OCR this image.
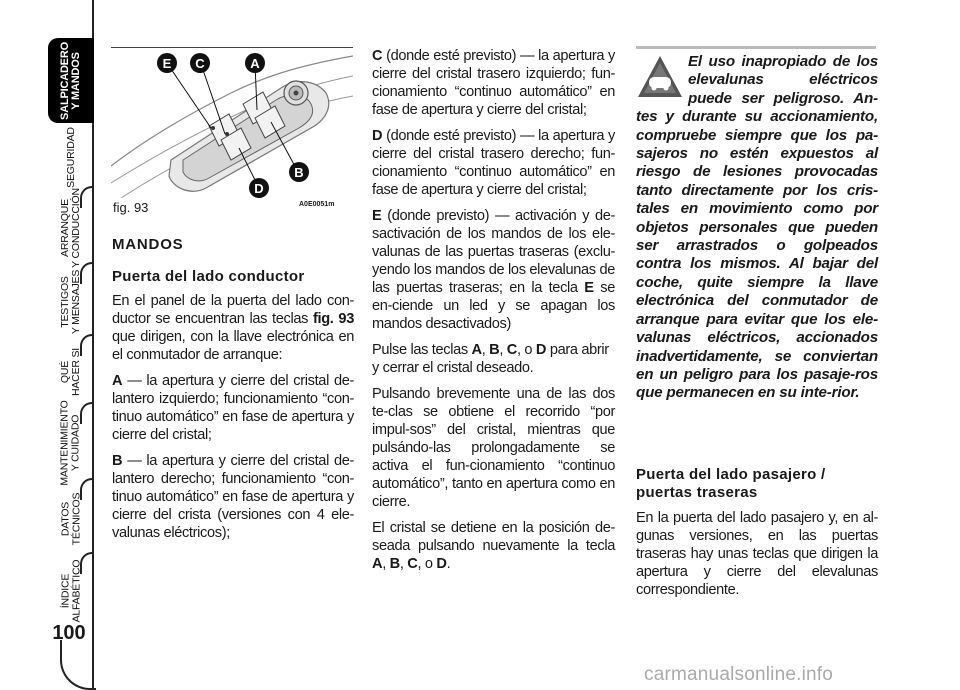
SALPICADERO
Y MANDOS
SEGURIDAD
ARRANQUE
Y CONDUCCIÓN
TESTIGOS
Y MENSAJES
QUÉ
HACER SI
MANTENIMIENTO
Y CUIDADO
DATOS
TÉCNICOS
ÍNDICE
ALFABÉTICO
100
E C	A
B
D
fig. 93	A0E0051m

MANDOS

Puerta del lado conductor

En el panel de la puerta del lado con-ductor se encuentran las teclas fig. 93 que dirigen, con la llave electrónica en el conmutador de arranque:

A — la apertura y cierre del cristal de-lantero izquierdo; funcionamiento “con-tinuo automático” en fase de apertura y cierre del cristal;

B — la apertura y cierre del cristal de-lantero derecho; funcionamiento “con-tinuo automático” en fase de apertura y cierre del crista (versiones con 4 ele-valunas eléctricos);

C (donde esté previsto) — la apertura y cierre del cristal trasero izquierdo; fun-cionamiento “continuo automático” en fase de apertura y cierre del cristal;

D (donde esté previsto) — la apertura y cierre del cristal trasero derecho; fun-cionamiento “continuo automático” en fase de apertura y cierre del cristal;

E (donde previsto) — activación y de-sactivación de los mandos de los ele-valunas de las puertas traseras (exclu-yendo los mandos de los elevalunas de las puertas traseras; en la tecla E se en-ciende un led y se apagan los mandos desactivados)

Pulse las teclas A, B, C, o D para abrir y cerrar el cristal deseado.

Pulsando brevemente una de las dos te-clas se obtiene el recorrido “por impul-sos” del cristal, mientras que pulsándo-las prolongadamente se activa el fun-cionamiento “continuo automático”, tanto en apertura como en cierre.

El cristal se detiene en la posición de-seada pulsando nuevamente la tecla A, B, C, o D.

El uso inapropiado de los elevalunas eléctricos puede ser peligroso. An-tes y durante su accionamiento, compruebe siempre que los pa-sajeros no estén expuestos al riesgo de lesiones provocadas tanto directamente por los cris-tales en movimiento como por objetos personales que pueden ser arrastrados o golpeados contra los mismos. Al bajar del coche, quite siempre la llave electrónica del conmutador de arranque para evitar que los ele-valunas eléctricos, accionados inadvertidamente, se conviertan en un peligro para los pasaje-ros que permanecen en su inte-rior.
Puerta del lado pasajero / puertas traseras
En la puerta del lado pasajero y, en al-gunas versiones, en las puertas traseras hay unas teclas que dirigen la apertura y cierre del elevalunas correspondiente.
carmanualsonline.info
